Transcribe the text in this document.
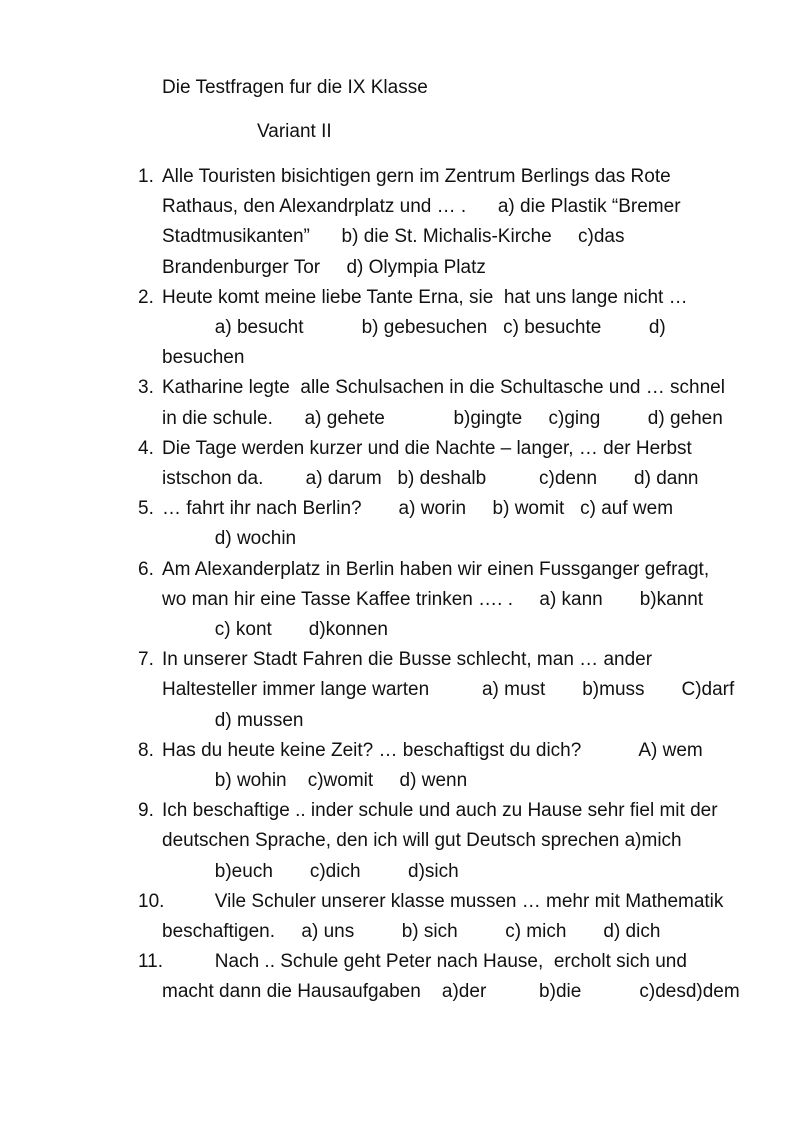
Die Testfragen fur die IX Klasse
Variant II
1. Alle Touristen bisichtigen gern im Zentrum Berlings das Rote
Rathaus, den Alexandrplatz und … .      a) die Plastik “Bremer
Stadtmusikanten”      b) die St. Michalis-Kirche     c)das
Brandenburger Tor     d) Olympia Platz
2. Heute komt meine liebe Tante Erna, sie  hat uns lange nicht …
a) besucht           b) gebesuchen   c) besuchte         d)
besuchen
3. Katharine legte  alle Schulsachen in die Schultasche und … schnel
in die schule.      a) gehete             b)gingte     c)ging         d) gehen
4. Die Tage werden kurzer und die Nachte – langer, … der Herbst
istschon da.        a) darum   b) deshalb          c)denn       d) dann
5. … fahrt ihr nach Berlin?       a) worin     b) womit   c) auf wem
d) wochin
6. Am Alexanderplatz in Berlin haben wir einen Fussganger gefragt,
wo man hir eine Tasse Kaffee trinken …. .     a) kann       b)kannt
c) kont       d)konnen
7. In unserer Stadt Fahren die Busse schlecht, man … ander
Haltesteller immer lange warten          a) must       b)muss       C)darf
d) mussen
8. Has du heute keine Zeit? … beschaftigst du dich?           A) wem
b) wohin    c)womit     d) wenn
9. Ich beschaftige .. inder schule und auch zu Hause sehr fiel mit der
deutschen Sprache, den ich will gut Deutsch sprechen a)mich
b)euch       c)dich         d)sich
10.
Vile Schuler unserer klasse mussen … mehr mit Mathematik
beschaftigen.     a) uns         b) sich         c) mich       d) dich
11.
Nach .. Schule geht Peter nach Hause,  ercholt sich und
macht dann die Hausaufgaben    a)der          b)die           c)desd)dem
